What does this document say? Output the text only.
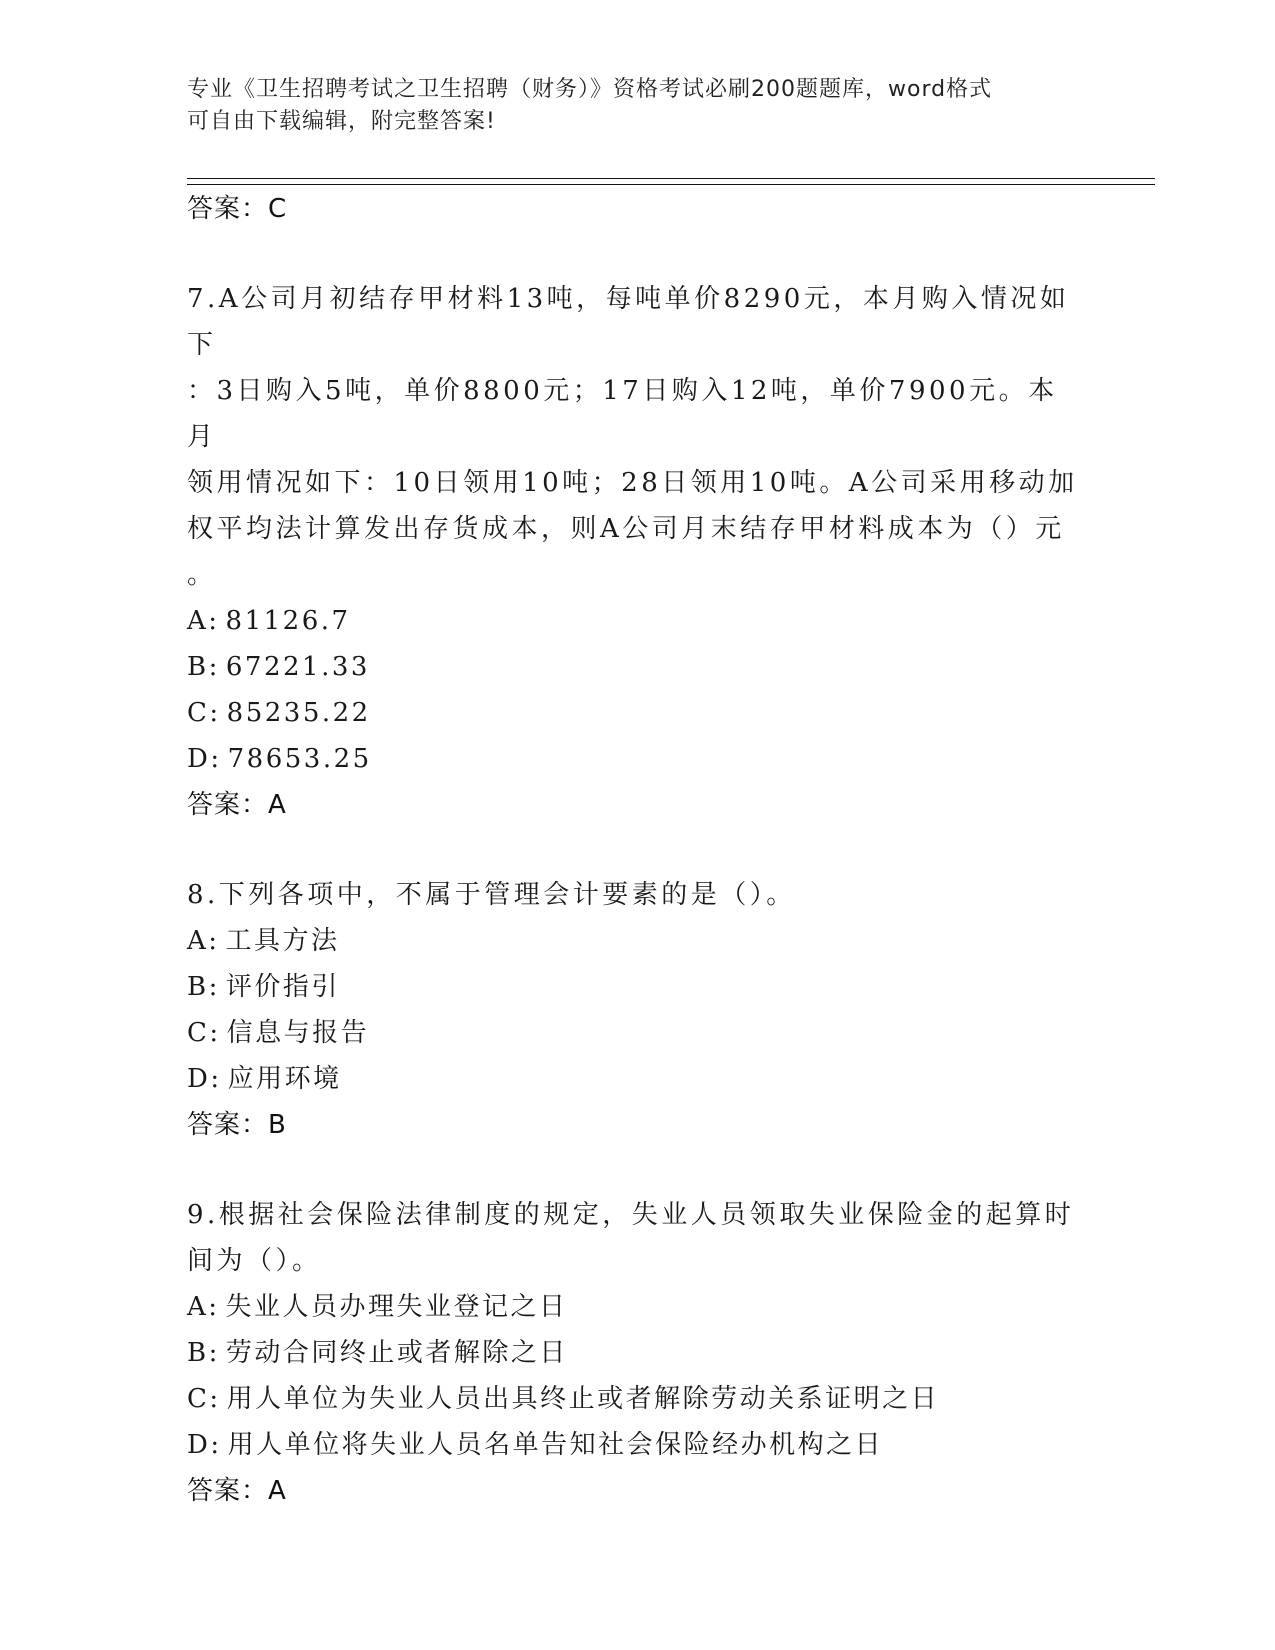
专业《卫生招聘考试之卫生招聘（财务）》资格考试必刷200题题库，word格式
可自由下载编辑，附完整答案!
答案：C
7.A公司月初结存甲材料13吨，每吨单价8290元，本月购入情况如下
：3日购入5吨，单价8800元；17日购入12吨，单价7900元。本月
领用情况如下：10日领用10吨；28日领用10吨。A公司采用移动加
权平均法计算发出存货成本，则A公司月末结存甲材料成本为（）元
。
A: 81126.7
B: 67221.33
C: 85235.22
D: 78653.25
答案：A
8.下列各项中，不属于管理会计要素的是（）。
A: 工具方法
B: 评价指引
C: 信息与报告
D: 应用环境
答案：B
9.根据社会保险法律制度的规定，失业人员领取失业保险金的起算时
间为（）。
A: 失业人员办理失业登记之日
B: 劳动合同终止或者解除之日
C: 用人单位为失业人员出具终止或者解除劳动关系证明之日
D: 用人单位将失业人员名单告知社会保险经办机构之日
答案：A
